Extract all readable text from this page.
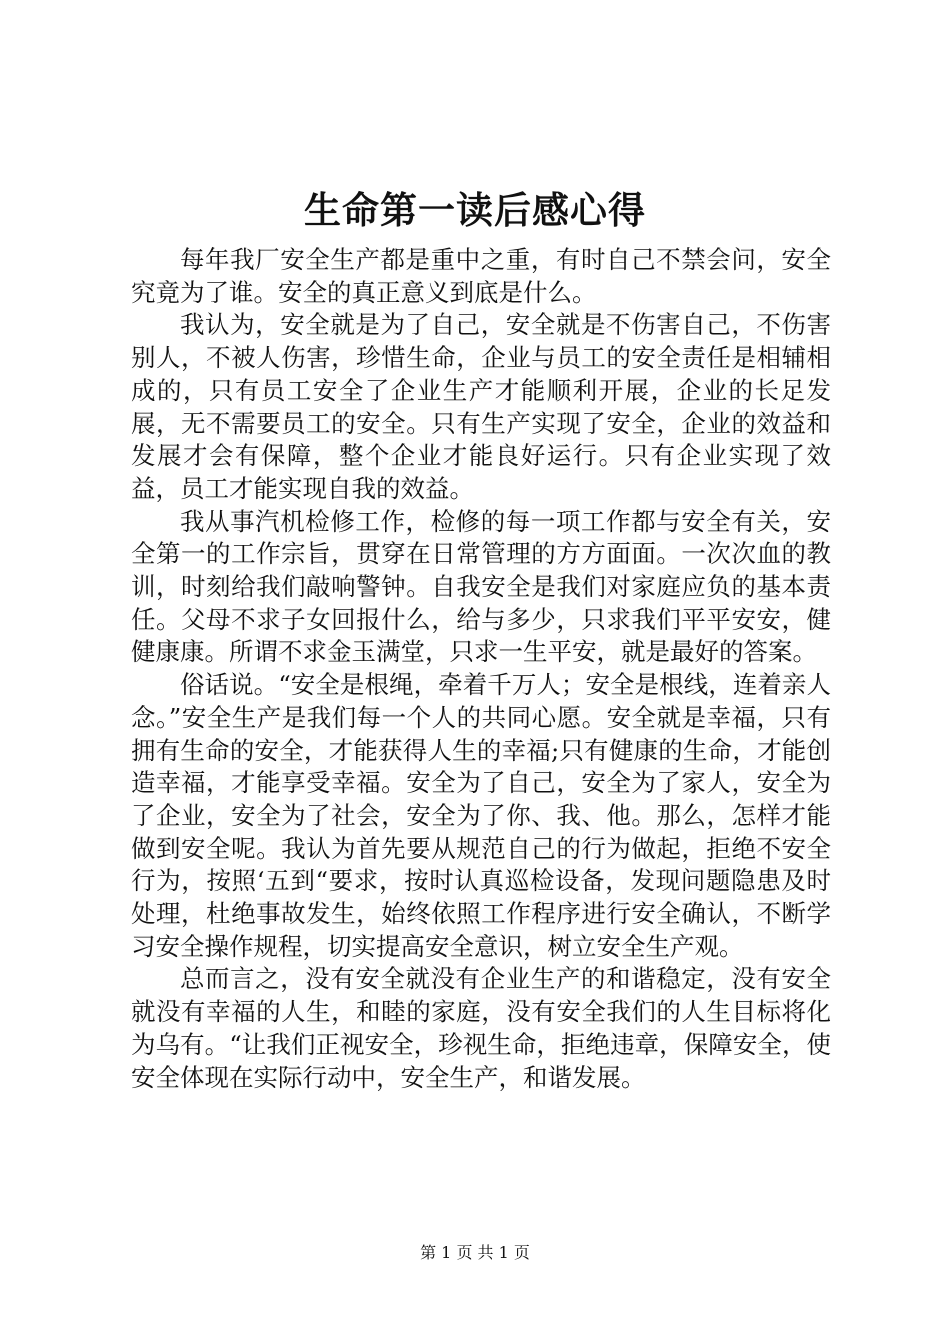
生命第一读后感心得

每年我厂安全生产都是重中之重，有时自己不禁会问，安全究竟为了谁。安全的真正意义到底是什么。

我认为，安全就是为了自己，安全就是不伤害自己，不伤害别人，不被人伤害，珍惜生命，企业与员工的安全责任是相辅相成的，只有员工安全了企业生产才能顺利开展，企业的长足发展，无不需要员工的安全。只有生产实现了安全，企业的效益和发展才会有保障，整个企业才能良好运行。只有企业实现了效益，员工才能实现自我的效益。

我从事汽机检修工作，检修的每一项工作都与安全有关，安全第一的工作宗旨，贯穿在日常管理的方方面面。一次次血的教训，时刻给我们敲响警钟。自我安全是我们对家庭应负的基本责任。父母不求子女回报什么，给与多少，只求我们平平安安，健健康康。所谓不求金玉满堂，只求一生平安，就是最好的答案。

俗话说。“安全是根绳，牵着千万人；安全是根线，连着亲人念。”安全生产是我们每一个人的共同心愿。安全就是幸福，只有拥有生命的安全，才能获得人生的幸福;只有健康的生命，才能创造幸福，才能享受幸福。安全为了自己，安全为了家人，安全为了企业，安全为了社会，安全为了你、我、他。那么，怎样才能做到安全呢。我认为首先要从规范自己的行为做起，拒绝不安全行为，按照‘五到“要求，按时认真巡检设备，发现问题隐患及时处理，杜绝事故发生，始终依照工作程序进行安全确认，不断学习安全操作规程，切实提高安全意识，树立安全生产观。

总而言之，没有安全就没有企业生产的和谐稳定，没有安全就没有幸福的人生，和睦的家庭，没有安全我们的人生目标将化为乌有。“让我们正视安全，珍视生命，拒绝违章，保障安全，使安全体现在实际行动中，安全生产，和谐发展。

第 1 页 共 1 页
